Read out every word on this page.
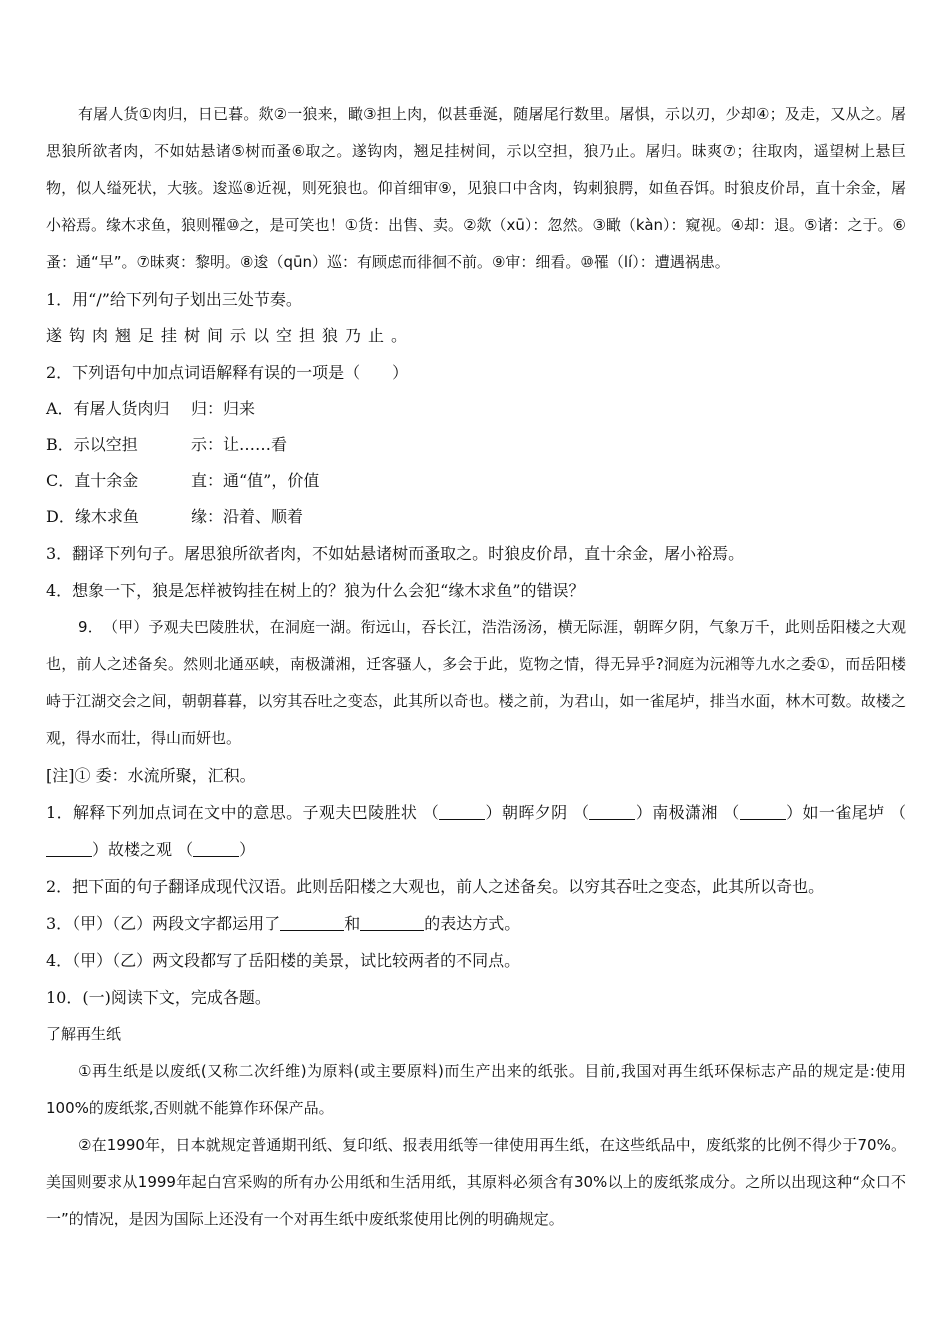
有屠人货①肉归，日已暮。欻②一狼来，瞰③担上肉，似甚垂涎，随屠尾行数里。屠惧，示以刃，少却④；及走，又从之。屠思狼所欲者肉，不如姑悬诸⑤树而蚤⑥取之。遂钩肉，翘足挂树间，示以空担，狼乃止。屠归。昧爽⑦；往取肉，遥望树上悬巨物，似人缢死状，大骇。逡巡⑧近视，则死狼也。仰首细审⑨，见狼口中含肉，钩刺狼腭，如鱼吞饵。时狼皮价昂，直十余金，屠小裕焉。缘木求鱼，狼则罹⑩之，是可笑也！①货：出售、卖。②欻（xū）：忽然。③瞰（kàn）：窥视。④却：退。⑤诸：之于。⑥蚤：通“早”。⑦昧爽：黎明。⑧逡（qūn）巡：有顾虑而徘徊不前。⑨审：细看。⑩罹（lí）：遭遇祸患。

1．用“/”给下列句子划出三处节奏。

遂钩肉翘足挂树间示以空担狼乃止。

2．下列语句中加点词语解释有误的一项是（　　）

A．有屠人货肉归 归：归来

B．示以空担	示：让……看

C．直十余金	直：通“值”，价值

D．缘木求鱼	缘：沿着、顺着

3．翻译下列句子。屠思狼所欲者肉，不如姑悬诸树而蚤取之。时狼皮价昂，直十余金，屠小裕焉。

4．想象一下，狼是怎样被钩挂在树上的？狼为什么会犯“缘木求鱼”的错误？

9．　（甲）予观夫巴陵胜状，在洞庭一湖。衔远山，吞长江，浩浩汤汤，横无际涯，朝晖夕阴，气象万千，此则岳阳楼之大观也，前人之述备矣。然则北通巫峡，南极潇湘，迁客骚人，多会于此，览物之情，得无异乎?洞庭为沅湘等九水之委①，而岳阳楼峙于江湖交会之间，朝朝暮暮，以穷其吞吐之变态，此其所以奇也。楼之前，为君山，如一雀尾垆，排当水面，林木可数。故楼之观，得水而壮，得山而妍也。

[注]① 委：水流所聚，汇积。

1．解释下列加点词在文中的意思。子观夫巴陵胜状 （	）朝晖夕阴 （	）南极潇湘 （	）如一雀尾垆 （）故楼之观 （	）

2．把下面的句子翻译成现代汉语。此则岳阳楼之大观也，前人之述备矣。以穷其吞吐之变态，此其所以奇也。

3．（甲）（乙）两段文字都运用了	和	的表达方式。

4．（甲）（乙）两文段都写了岳阳楼的美景，试比较两者的不同点。

10．(一)阅读下文，完成各题。

了解再生纸

①再生纸是以废纸(又称二次纤维)为原料(或主要原料)而生产出来的纸张。目前,我国对再生纸环保标志产品的规定是:使用100%的废纸浆,否则就不能算作环保产品。

②在1990年，日本就规定普通期刊纸、复印纸、报表用纸等一律使用再生纸，在这些纸品中，废纸浆的比例不得少于70%。美国则要求从1999年起白宫采购的所有办公用纸和生活用纸，其原料必须含有30%以上的废纸浆成分。之所以出现这种“众口不一”的情况，是因为国际上还没有一个对再生纸中废纸浆使用比例的明确规定。
